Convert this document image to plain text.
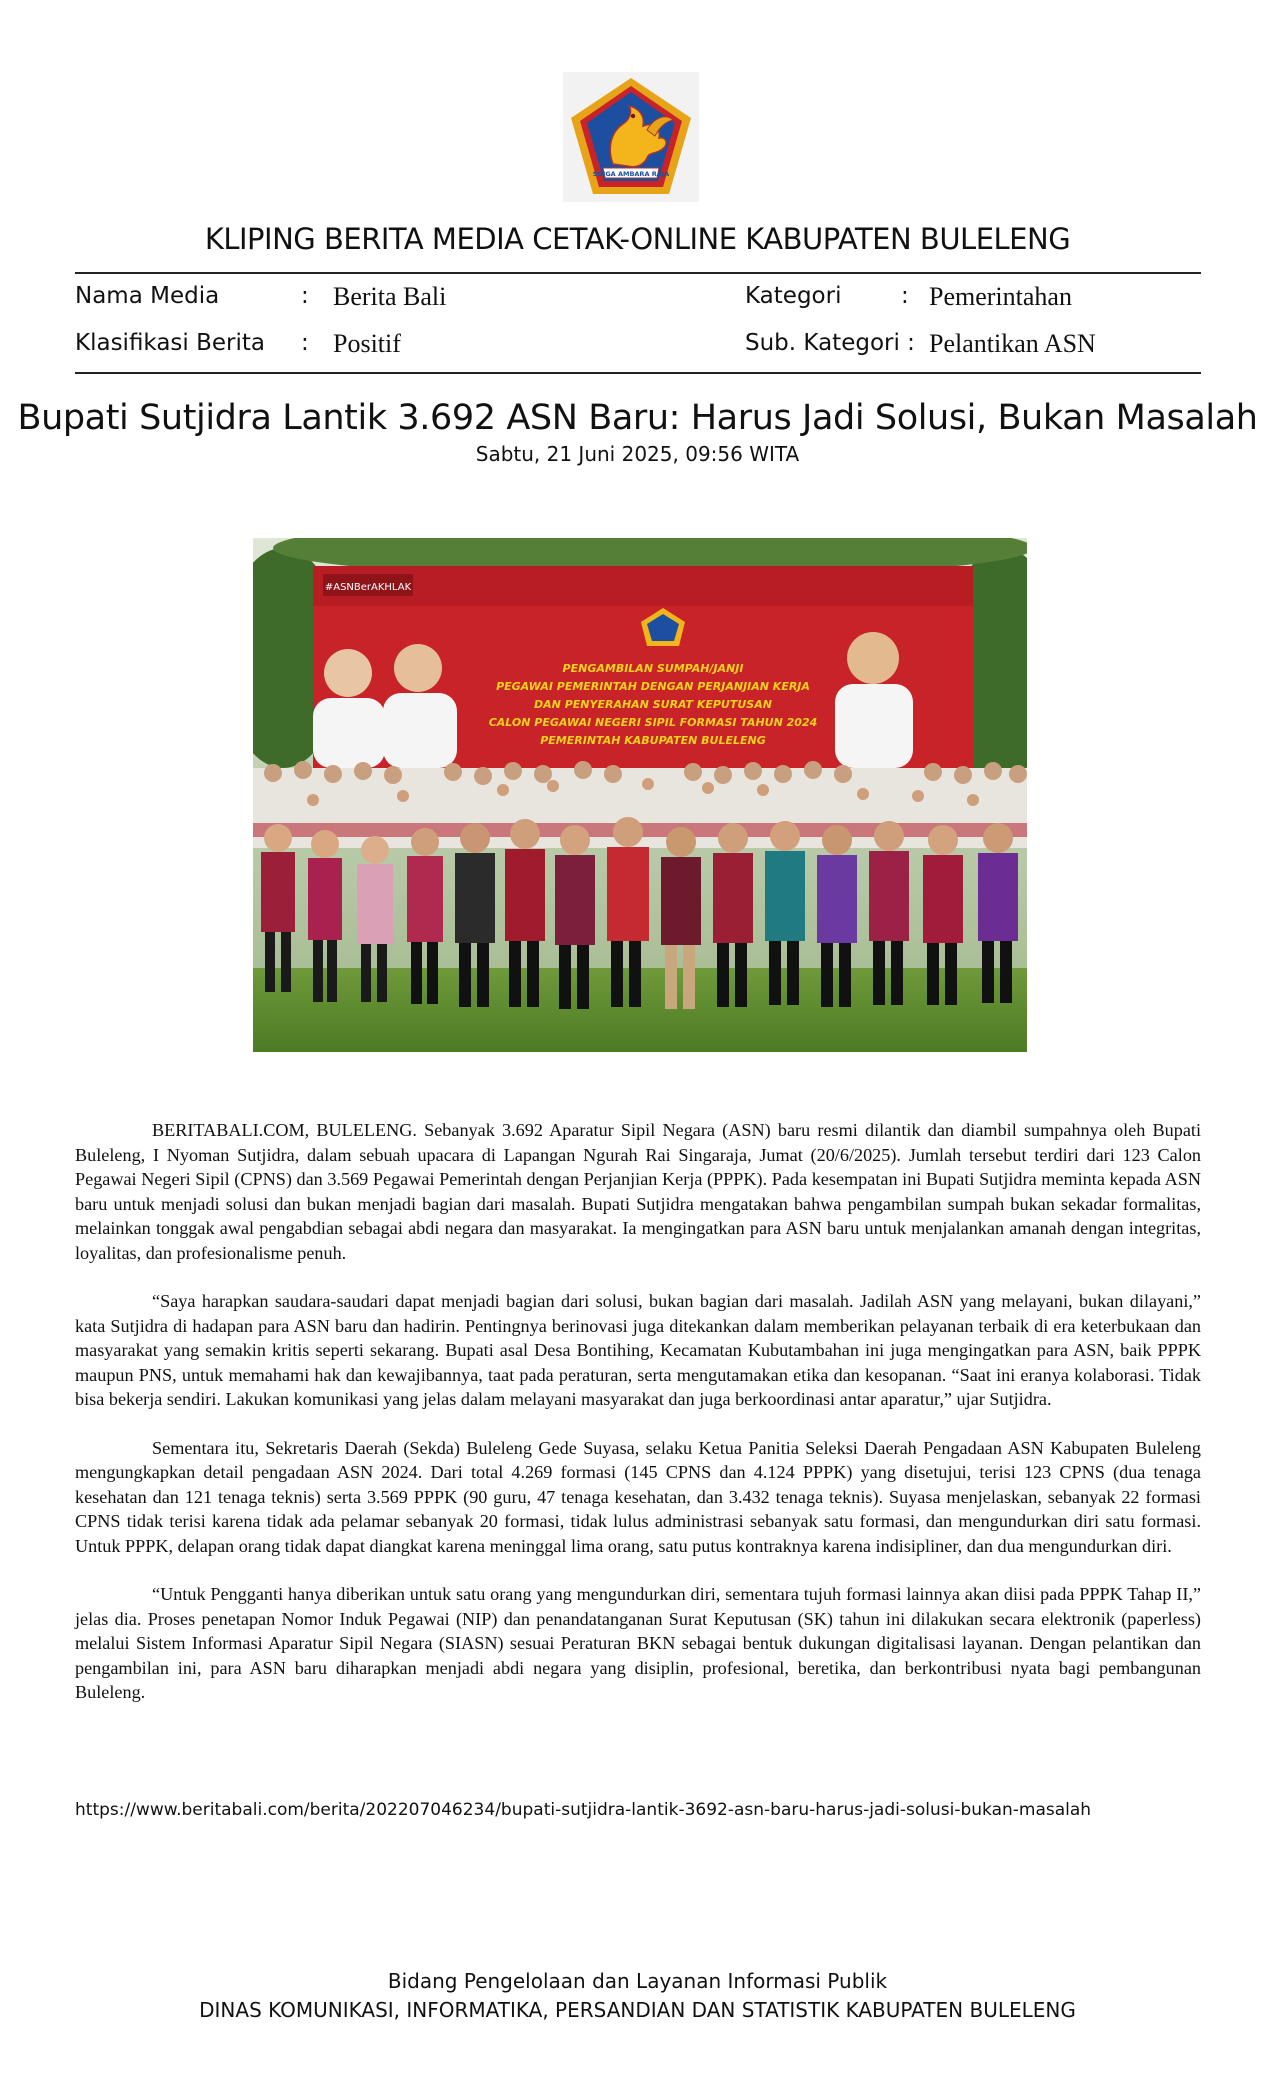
SINGA AMBARA RAJA
KLIPING BERITA MEDIA CETAK-ONLINE KABUPATEN BULELENG
Nama Media	: Berita Bali	Kategori	: Pemerintahan
Klasifikasi Berita : Positif	Sub. Kategori : Pelantikan ASN
Bupati Sutjidra Lantik 3.692 ASN Baru: Harus Jadi Solusi, Bukan Masalah
Sabtu, 21 Juni 2025, 09:56 WITA
#ASNBerAKHLAK
PENGAMBILAN SUMPAH/JANJI
PEGAWAI PEMERINTAH DENGAN PERJANJIAN KERJA
DAN PENYERAHAN SURAT KEPUTUSAN
CALON PEGAWAI NEGERI SIPIL FORMASI TAHUN 2024
PEMERINTAH KABUPATEN BULELENG

BERITABALI.COM, BULELENG. Sebanyak 3.692 Aparatur Sipil Negara (ASN) baru resmi dilantik dan diambil sumpahnya oleh Bupati Buleleng, I Nyoman Sutjidra, dalam sebuah upacara di Lapangan Ngurah Rai Singaraja, Jumat (20/6/2025). Jumlah tersebut terdiri dari 123 Calon Pegawai Negeri Sipil (CPNS) dan 3.569 Pegawai Pemerintah dengan Perjanjian Kerja (PPPK). Pada kesempatan ini Bupati Sutjidra meminta kepada ASN baru untuk menjadi solusi dan bukan menjadi bagian dari masalah. Bupati Sutjidra mengatakan bahwa pengambilan sumpah bukan sekadar formalitas, melainkan tonggak awal pengabdian sebagai abdi negara dan masyarakat. Ia mengingatkan para ASN baru untuk menjalankan amanah dengan integritas, loyalitas, dan profesionalisme penuh.

“Saya harapkan saudara-saudari dapat menjadi bagian dari solusi, bukan bagian dari masalah. Jadilah ASN yang melayani, bukan dilayani,” kata Sutjidra di hadapan para ASN baru dan hadirin. Pentingnya berinovasi juga ditekankan dalam memberikan pelayanan terbaik di era keterbukaan dan masyarakat yang semakin kritis seperti sekarang. Bupati asal Desa Bontihing, Kecamatan Kubutambahan ini juga mengingatkan para ASN, baik PPPK maupun PNS, untuk memahami hak dan kewajibannya, taat pada peraturan, serta mengutamakan etika dan kesopanan. “Saat ini eranya kolaborasi. Tidak bisa bekerja sendiri. Lakukan komunikasi yang jelas dalam melayani masyarakat dan juga berkoordinasi antar aparatur,” ujar Sutjidra.

Sementara itu, Sekretaris Daerah (Sekda) Buleleng Gede Suyasa, selaku Ketua Panitia Seleksi Daerah Pengadaan ASN Kabupaten Buleleng mengungkapkan detail pengadaan ASN 2024. Dari total 4.269 formasi (145 CPNS dan 4.124 PPPK) yang disetujui, terisi 123 CPNS (dua tenaga kesehatan dan 121 tenaga teknis) serta 3.569 PPPK (90 guru, 47 tenaga kesehatan, dan 3.432 tenaga teknis). Suyasa menjelaskan, sebanyak 22 formasi CPNS tidak terisi karena tidak ada pelamar sebanyak 20 formasi, tidak lulus administrasi sebanyak satu formasi, dan mengundurkan diri satu formasi. Untuk PPPK, delapan orang tidak dapat diangkat karena meninggal lima orang, satu putus kontraknya karena indisipliner, dan dua mengundurkan diri.

“Untuk Pengganti hanya diberikan untuk satu orang yang mengundurkan diri, sementara tujuh formasi lainnya akan diisi pada PPPK Tahap II,” jelas dia. Proses penetapan Nomor Induk Pegawai (NIP) dan penandatanganan Surat Keputusan (SK) tahun ini dilakukan secara elektronik (paperless) melalui Sistem Informasi Aparatur Sipil Negara (SIASN) sesuai Peraturan BKN sebagai bentuk dukungan digitalisasi layanan. Dengan pelantikan dan pengambilan ini, para ASN baru diharapkan menjadi abdi negara yang disiplin, profesional, beretika, dan berkontribusi nyata bagi pembangunan Buleleng.

https://www.beritabali.com/berita/202207046234/bupati-sutjidra-lantik-3692-asn-baru-harus-jadi-solusi-bukan-masalah
Bidang Pengelolaan dan Layanan Informasi Publik
DINAS KOMUNIKASI, INFORMATIKA, PERSANDIAN DAN STATISTIK KABUPATEN BULELENG
